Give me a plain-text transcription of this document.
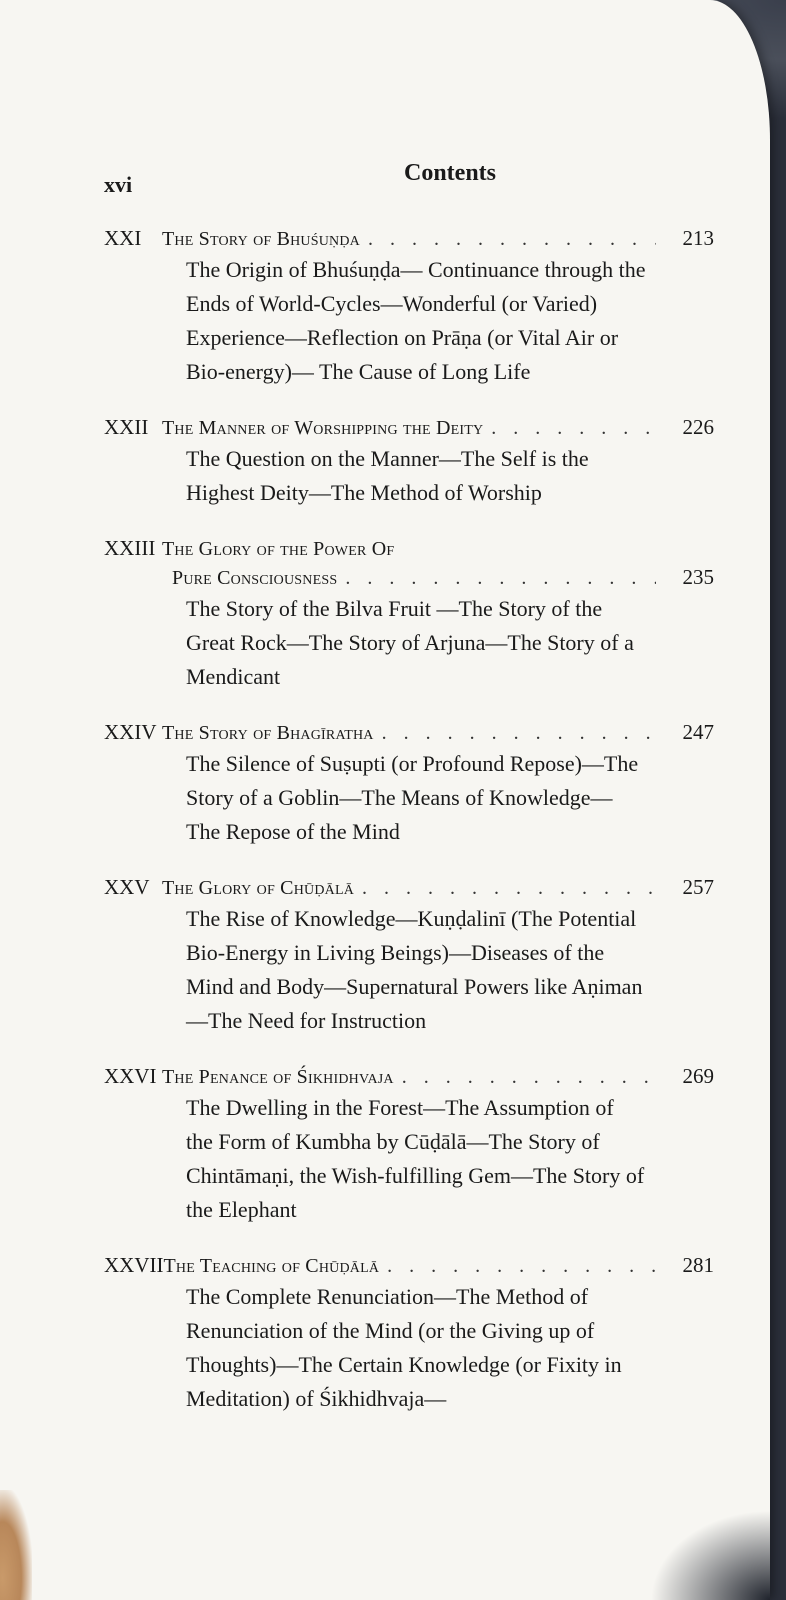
xvi	Contents
XXI	The Story of Bhuśuṇḍa . . .	213
The Origin of Bhuśuṇḍa— Continuance through the Ends of World-Cycles—Wonderful (or Varied) Experience—Reflection on Prāṇa (or Vital Air or Bio-energy)— The Cause of Long Life
XXII The Manner of Worshipping the Deity . . .	226
The Question on the Manner—The Self is the Highest Deity—The Method of Worship
XXIII The Glory of the Power Of
Pure Consciousness . . .	235
The Story of the Bilva Fruit —The Story of the Great Rock—The Story of Arjuna—The Story of a Mendicant
XXIV The Story of Bhagīratha . . .	247
The Silence of Suṣupti (or Profound Repose)—The Story of a Goblin—The Means of Knowledge—The Repose of the Mind
XXV The Glory of Chūḍālā . . .	257
The Rise of Knowledge—Kuṇḍalinī (The Potential Bio-Energy in Living Beings)—Diseases of the Mind and Body—Supernatural Powers like Aṇiman—The Need for Instruction
XXVI The Penance of Śikhidhvaja . . .	269
The Dwelling in the Forest—The Assumption of the Form of Kumbha by Cūḍālā—The Story of Chintāmaṇi, the Wish-fulfilling Gem—The Story of the Elephant
XXVII The Teaching of Chūḍālā . . .	281
The Complete Renunciation—The Method of Renunciation of the Mind (or the Giving up of Thoughts)—The Certain Knowledge (or Fixity in Meditation) of Śikhidhvaja—
